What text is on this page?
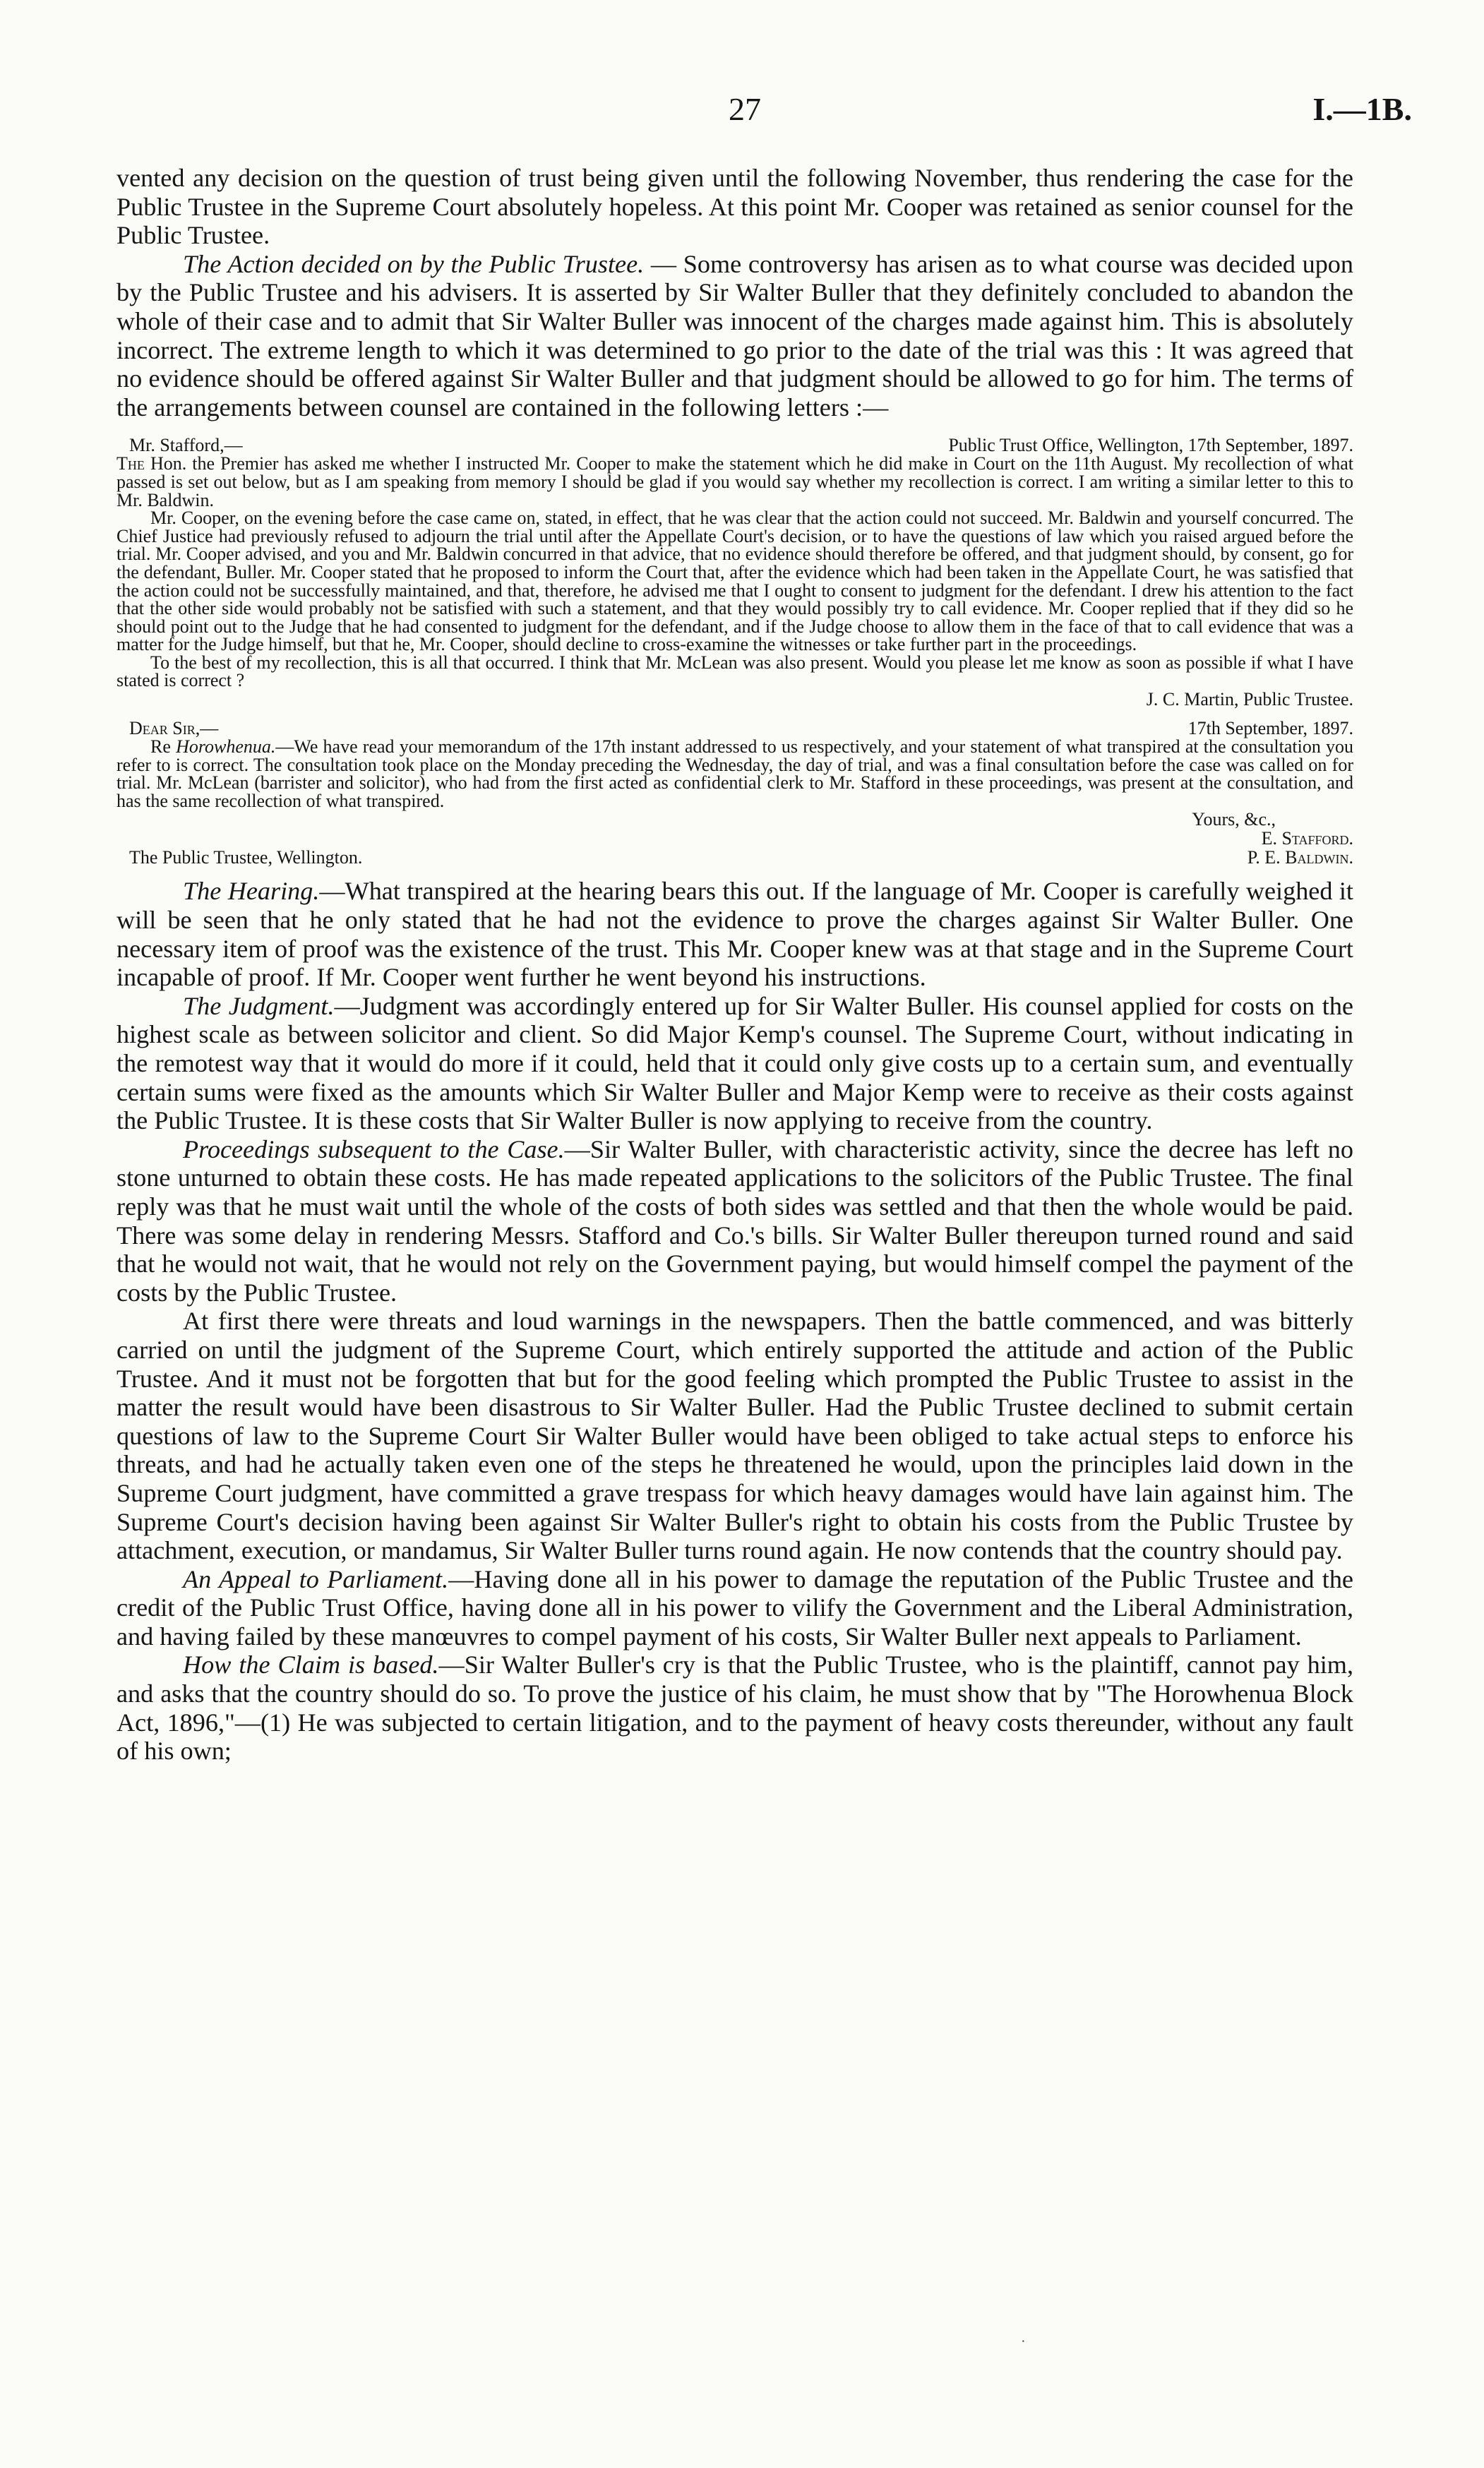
27	I.—1B.

vented any decision on the question of trust being given until the following November, thus rendering the case for the Public Trustee in the Supreme Court absolutely hopeless. At this point Mr. Cooper was retained as senior counsel for the Public Trustee.

The Action decided on by the Public Trustee. — Some controversy has arisen as to what course was decided upon by the Public Trustee and his advisers. It is asserted by Sir Walter Buller that they definitely concluded to abandon the whole of their case and to admit that Sir Walter Buller was innocent of the charges made against him. This is absolutely incorrect. The extreme length to which it was determined to go prior to the date of the trial was this : It was agreed that no evidence should be offered against Sir Walter Buller and that judgment should be allowed to go for him. The terms of the arrangements between counsel are contained in the following letters :—

Mr. Stafford,—	Public Trust Office, Wellington, 17th September, 1897.

The Hon. the Premier has asked me whether I instructed Mr. Cooper to make the statement which he did make in Court on the 11th August. My recollection of what passed is set out below, but as I am speaking from memory I should be glad if you would say whether my recollection is correct. I am writing a similar letter to this to Mr. Baldwin.

Mr. Cooper, on the evening before the case came on, stated, in effect, that he was clear that the action could not succeed. Mr. Baldwin and yourself concurred. The Chief Justice had previously refused to adjourn the trial until after the Appellate Court's decision, or to have the questions of law which you raised argued before the trial. Mr. Cooper advised, and you and Mr. Baldwin concurred in that advice, that no evidence should therefore be offered, and that judgment should, by consent, go for the defendant, Buller. Mr. Cooper stated that he proposed to inform the Court that, after the evidence which had been taken in the Appellate Court, he was satisfied that the action could not be successfully maintained, and that, therefore, he advised me that I ought to consent to judgment for the defendant. I drew his attention to the fact that the other side would probably not be satisfied with such a statement, and that they would possibly try to call evidence. Mr. Cooper replied that if they did so he should point out to the Judge that he had consented to judgment for the defendant, and if the Judge choose to allow them in the face of that to call evidence that was a matter for the Judge himself, but that he, Mr. Cooper, should decline to cross-examine the witnesses or take further part in the proceedings.

To the best of my recollection, this is all that occurred. I think that Mr. McLean was also present. Would you please let me know as soon as possible if what I have stated is correct ?

J. C. Martin, Public Trustee.
Dear Sir,—	17th September, 1897.

Re Horowhenua.—We have read your memorandum of the 17th instant addressed to us respectively, and your statement of what transpired at the consultation you refer to is correct. The consultation took place on the Monday preceding the Wednesday, the day of trial, and was a final consultation before the case was called on for trial. Mr. McLean (barrister and solicitor), who had from the first acted as confidential clerk to Mr. Stafford in these proceedings, was present at the consultation, and has the same recollection of what transpired.

Yours, &c.,
E. Stafford.
The Public Trustee, Wellington.	P. E. Baldwin.

The Hearing.—What transpired at the hearing bears this out. If the language of Mr. Cooper is carefully weighed it will be seen that he only stated that he had not the evidence to prove the charges against Sir Walter Buller. One necessary item of proof was the existence of the trust. This Mr. Cooper knew was at that stage and in the Supreme Court incapable of proof. If Mr. Cooper went further he went beyond his instructions.

The Judgment.—Judgment was accordingly entered up for Sir Walter Buller. His counsel applied for costs on the highest scale as between solicitor and client. So did Major Kemp's counsel. The Supreme Court, without indicating in the remotest way that it would do more if it could, held that it could only give costs up to a certain sum, and eventually certain sums were fixed as the amounts which Sir Walter Buller and Major Kemp were to receive as their costs against the Public Trustee. It is these costs that Sir Walter Buller is now applying to receive from the country.

Proceedings subsequent to the Case.—Sir Walter Buller, with characteristic activity, since the decree has left no stone unturned to obtain these costs. He has made repeated applications to the solicitors of the Public Trustee. The final reply was that he must wait until the whole of the costs of both sides was settled and that then the whole would be paid. There was some delay in rendering Messrs. Stafford and Co.'s bills. Sir Walter Buller thereupon turned round and said that he would not wait, that he would not rely on the Government paying, but would himself compel the payment of the costs by the Public Trustee.

At first there were threats and loud warnings in the newspapers. Then the battle commenced, and was bitterly carried on until the judgment of the Supreme Court, which entirely supported the attitude and action of the Public Trustee. And it must not be forgotten that but for the good feeling which prompted the Public Trustee to assist in the matter the result would have been disastrous to Sir Walter Buller. Had the Public Trustee declined to submit certain questions of law to the Supreme Court Sir Walter Buller would have been obliged to take actual steps to enforce his threats, and had he actually taken even one of the steps he threatened he would, upon the principles laid down in the Supreme Court judgment, have committed a grave trespass for which heavy damages would have lain against him. The Supreme Court's decision having been against Sir Walter Buller's right to obtain his costs from the Public Trustee by attachment, execution, or mandamus, Sir Walter Buller turns round again. He now contends that the country should pay.

An Appeal to Parliament.—Having done all in his power to damage the reputation of the Public Trustee and the credit of the Public Trust Office, having done all in his power to vilify the Government and the Liberal Administration, and having failed by these manœuvres to compel payment of his costs, Sir Walter Buller next appeals to Parliament.

How the Claim is based.—Sir Walter Buller's cry is that the Public Trustee, who is the plaintiff, cannot pay him, and asks that the country should do so. To prove the justice of his claim, he must show that by "The Horowhenua Block Act, 1896,"—(1) He was subjected to certain litigation, and to the payment of heavy costs thereunder, without any fault of his own;

·
